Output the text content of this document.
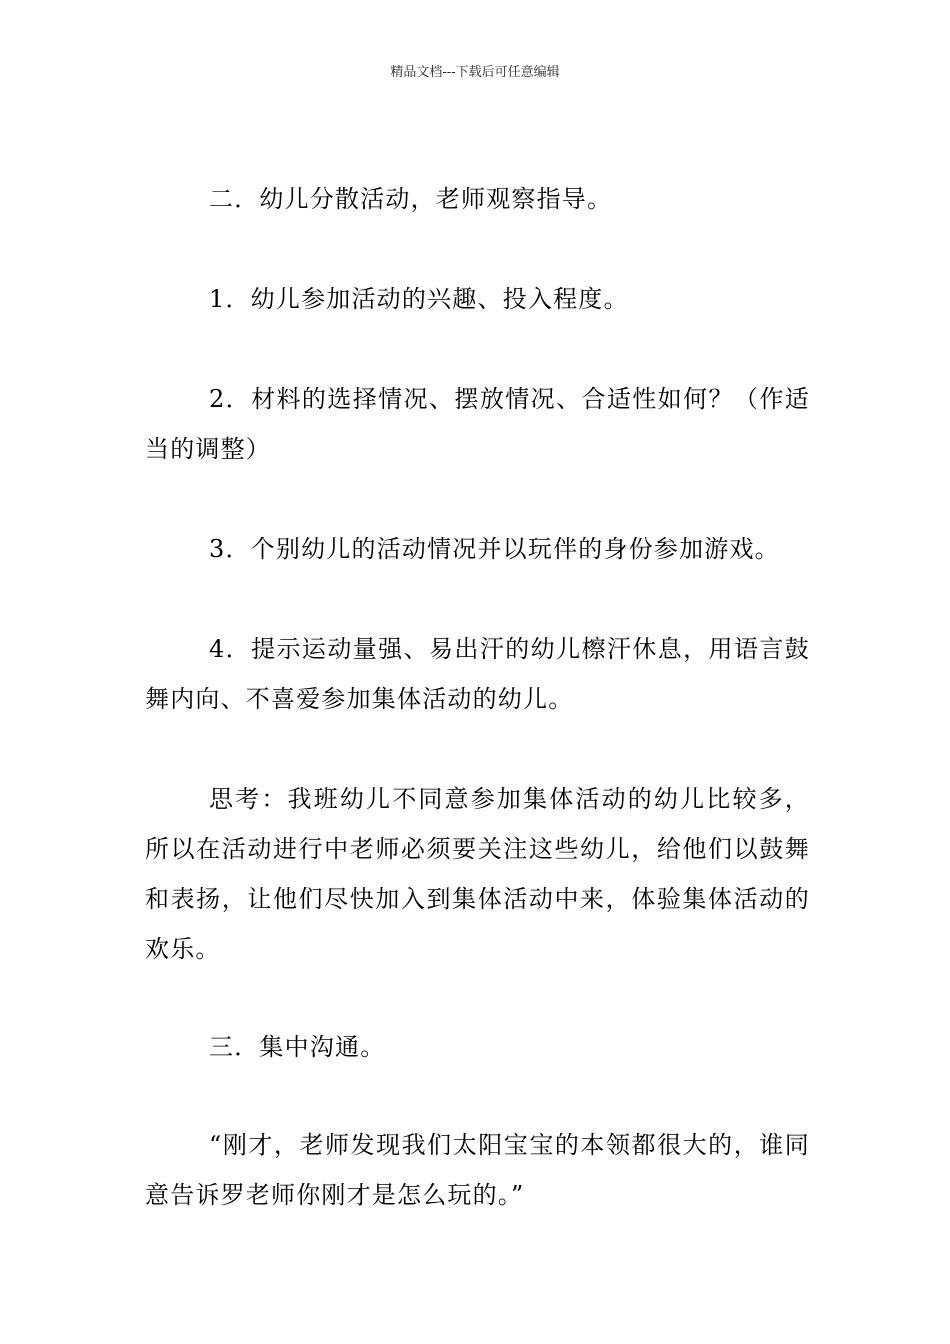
精品文档---下载后可任意编辑

二．幼儿分散活动，老师观察指导。

1．幼儿参加活动的兴趣、投入程度。

2．材料的选择情况、摆放情况、合适性如何？（作适当的调整）

3．个别幼儿的活动情况并以玩伴的身份参加游戏。

4．提示运动量强、易出汗的幼儿檫汗休息，用语言鼓舞内向、不喜爱参加集体活动的幼儿。

思考：我班幼儿不同意参加集体活动的幼儿比较多，所以在活动进行中老师必须要关注这些幼儿，给他们以鼓舞和表扬，让他们尽快加入到集体活动中来，体验集体活动的欢乐。

三．集中沟通。

“刚才，老师发现我们太阳宝宝的本领都很大的，谁同意告诉罗老师你刚才是怎么玩的。”
